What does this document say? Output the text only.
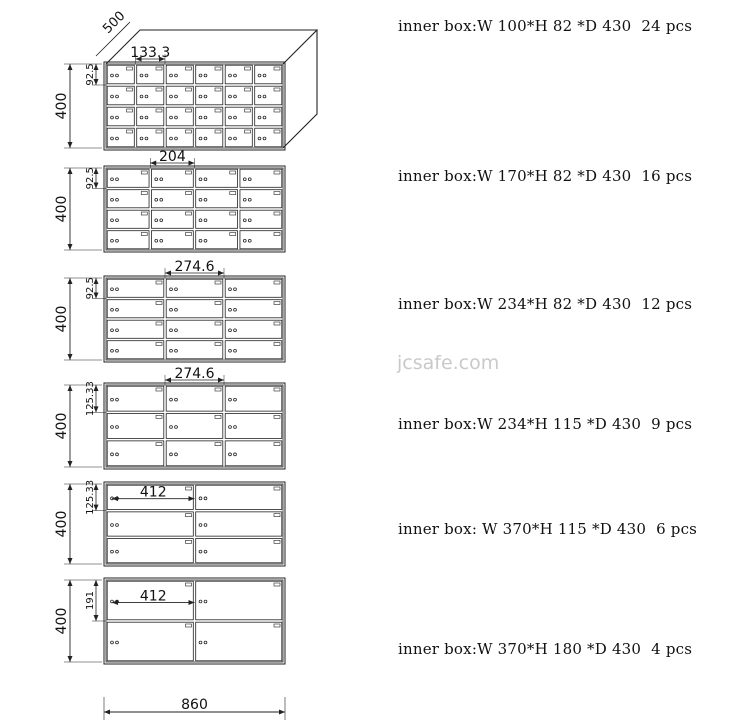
jcsafe.com
500
400
92.5
133.3
400
92.5
204
400
92.5
274.6
400
125.33
274.6
400
125.33	412
400
191	412
860
inner box:W 100*H 82 *D 430  24 pcs
inner box:W 170*H 82 *D 430  16 pcs
inner box:W 234*H 82 *D 430  12 pcs
inner box:W 234*H 115 *D 430  9 pcs
inner box: W 370*H 115 *D 430  6 pcs
inner box:W 370*H 180 *D 430  4 pcs
